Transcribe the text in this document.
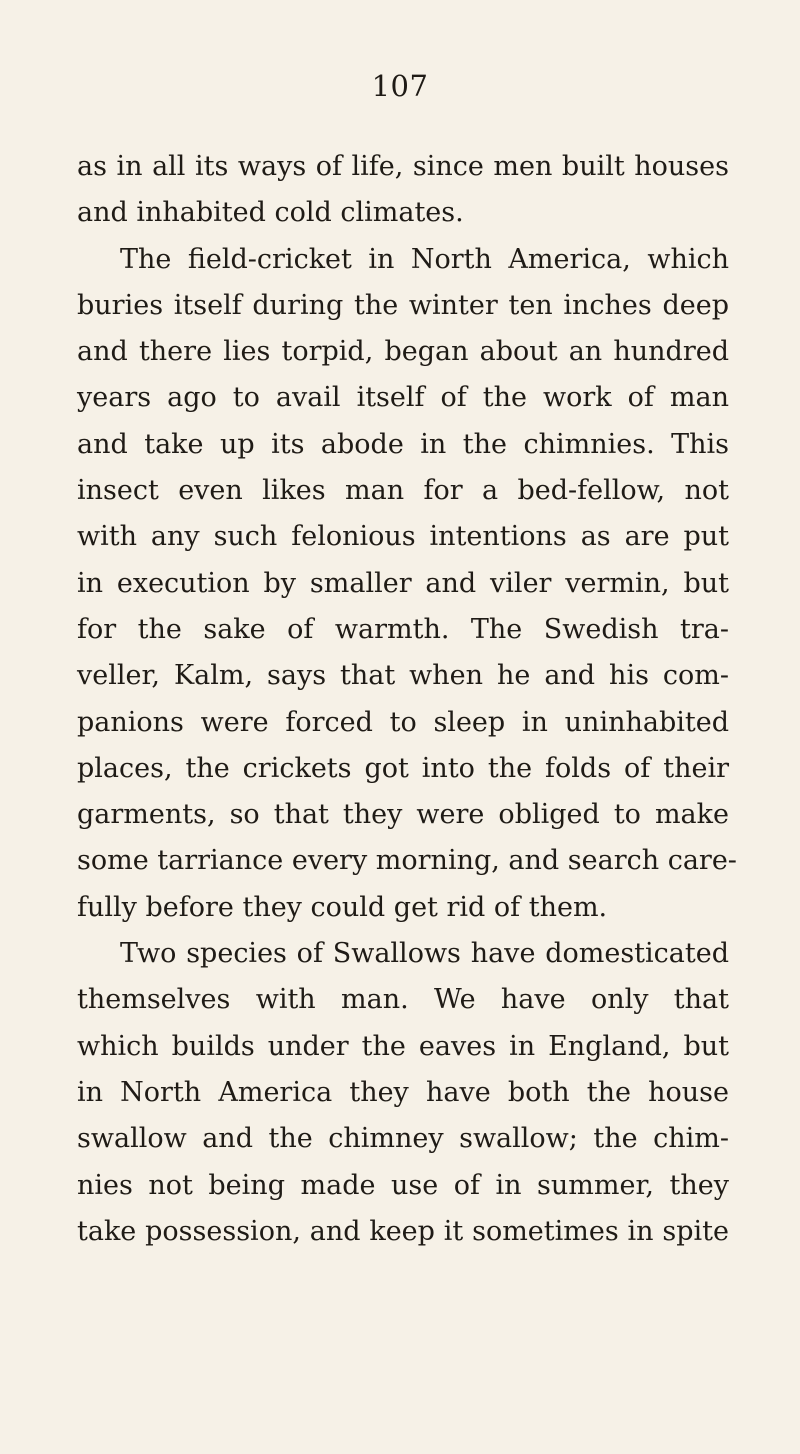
107
as in all its ways of life, since men built houses
and inhabited cold climates.
The field-cricket in North America, which
buries itself during the winter ten inches deep
and there lies torpid, began about an hundred
years ago to avail itself of the work of man
and take up its abode in the chimnies. This
insect even likes man for a bed-fellow, not
with any such felonious intentions as are put
in execution by smaller and viler vermin, but
for the sake of warmth. The Swedish tra-
veller, Kalm, says that when he and his com-
panions were forced to sleep in uninhabited
places, the crickets got into the folds of their
garments, so that they were obliged to make
some tarriance every morning, and search care-
fully before they could get rid of them.
Two species of Swallows have domesticated
themselves with man. We have only that
which builds under the eaves in England, but
in North America they have both the house
swallow and the chimney swallow; the chim-
nies not being made use of in summer, they
take possession, and keep it sometimes in spite
